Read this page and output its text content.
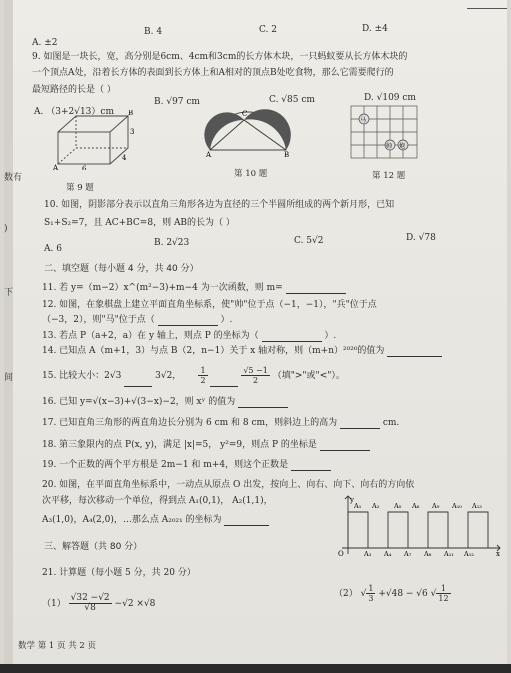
数有
)
下
间
A. ±2
B. 4	C. 2	D. ±4
9. 如图是一块长，宽，高分别是6cm、4cm和3cm的长方体木块，一只蚂蚁要从长方体木块的
一个顶点A处，沿着长方体的表面到长方体上和A相对的顶点B处吃食物，那么它需要爬行的
最短路径的长是（ ）
A. （3+2√13）cm
B. √97 cm	C. √85 cm	D. √109 cm
A
B
3
4
6
第 9 题
A
C
B
第 10 题
马
帅 炮
第 12 题
10. 如图，阴影部分表示以直角三角形各边为直径的三个半圆所组成的两个新月形，已知
S₁+S₂=7，且 AC+BC=8，则 AB的长为（ ）
A. 6
B. 2√23	C. 5√2	D. √78
二、填空题（每小题 4 分，共 40 分）
11. 若 y=（m−2）x^(m²−3)+m−4 为一次函数，则 m=
12. 如图，在象棋盘上建立平面直角坐标系，使"帅"位于点（−1，−1），"兵"位于点
（−3，2），则"马"位于点（	）.
13. 若点 P（a+2，a）在 y 轴上，则点 P 的坐标为（	）.
14. 已知点 A（m+1，3）与点 B（2，n−1）关于 x 轴对称，则（m+n）²⁰²⁰的值为
15. 比较大小：2√3	3√2， $\frac{1}{2}$
	$\frac{√5 -1}{2}$ （填">"或"<"）。
16. 已知 y=√(x−3)+√(3−x)−2，则 xʸ 的值为
17. 已知直角三角形的两直角边长分别为 6 cm 和 8 cm，则斜边上的高为	cm.
18. 第三象限内的点 P(x, y)，满足 |x|=5， y²=9，则点 P 的坐标是
19. 一个正数的两个平方根是 2m−1 和 m+4，则这个正数是
20. 如图，在平面直角坐标系中，一动点从原点 O 出发，按向上、向右、向下、向右的方向依
次平移，每次移动一个单位，得到点 A₁(0,1)， A₂(1,1)，
A₃(1,0)，A₄(2,0)，…那么点 A₂₀₂₁ 的坐标为
y
x
O
A₁ A₂ A₅ A₆ A₉ A₁₀ A₁₃
A₃ A₄ A₇ A₈ A₁₁ A₁₂
三、解答题（共 80 分）
21. 计算题（每小题 5 分，共 20 分）
$(1) \frac{√32 -√2}{√8} -√2 \times√8$
（2） √ $\frac{1}{3} +√48 - √6$ √ $\frac{1}{12}$
数学 第 1 页 共 2 页
